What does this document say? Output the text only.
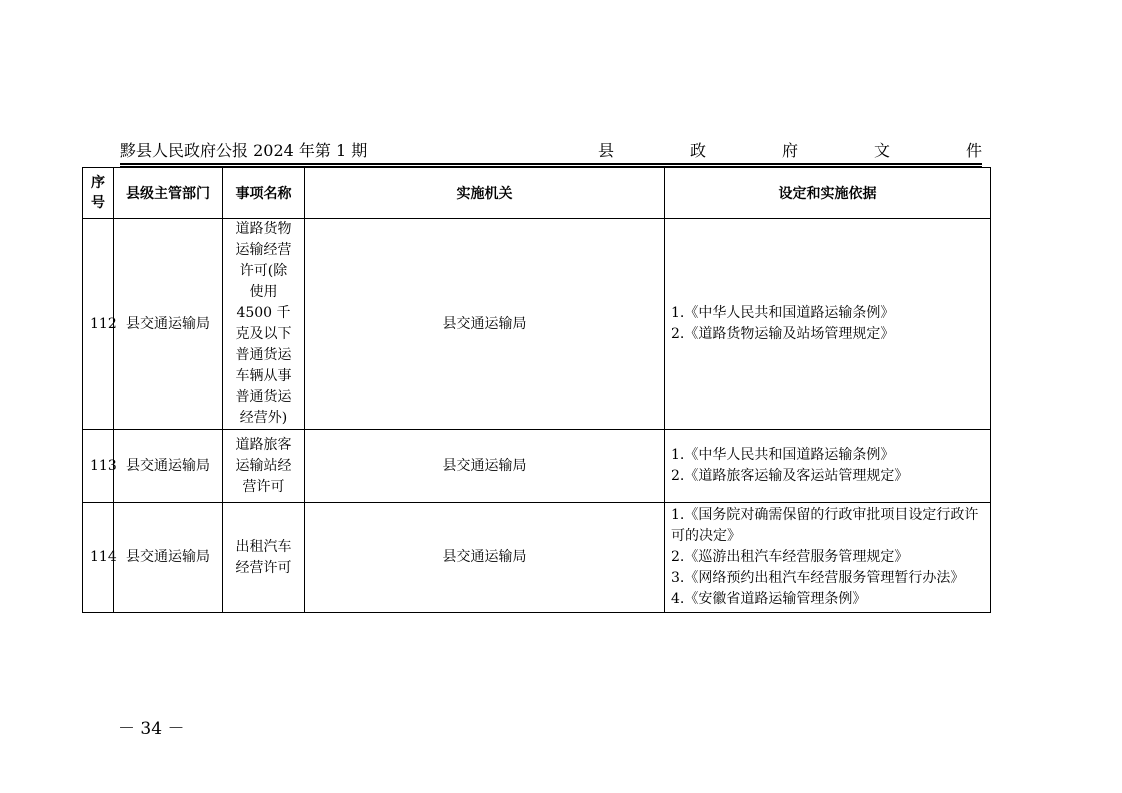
黟县人民政府公报 2024 年第 1 期	县	政	府	文	件
序号	县级主管部门	事项名称	实施机关	设定和实施依据
112	县交通运输局	道路货物运输经营许可(除使用 4500 千克及以下普通货运车辆从事普通货运经营外)	县交通运输局	1.《中华人民共和国道路运输条例》
2.《道路货物运输及站场管理规定》

113	县交通运输局	道路旅客运输站经营许可	县交通运输局	1.《中华人民共和国道路运输条例》
2.《道路旅客运输及客运站管理规定》

114	县交通运输局	出租汽车经营许可	县交通运输局	1.《国务院对确需保留的行政审批项目设定行政许可的决定》
2.《巡游出租汽车经营服务管理规定》
3.《网络预约出租汽车经营服务管理暂行办法》
4.《安徽省道路运输管理条例》
－ 34 －
